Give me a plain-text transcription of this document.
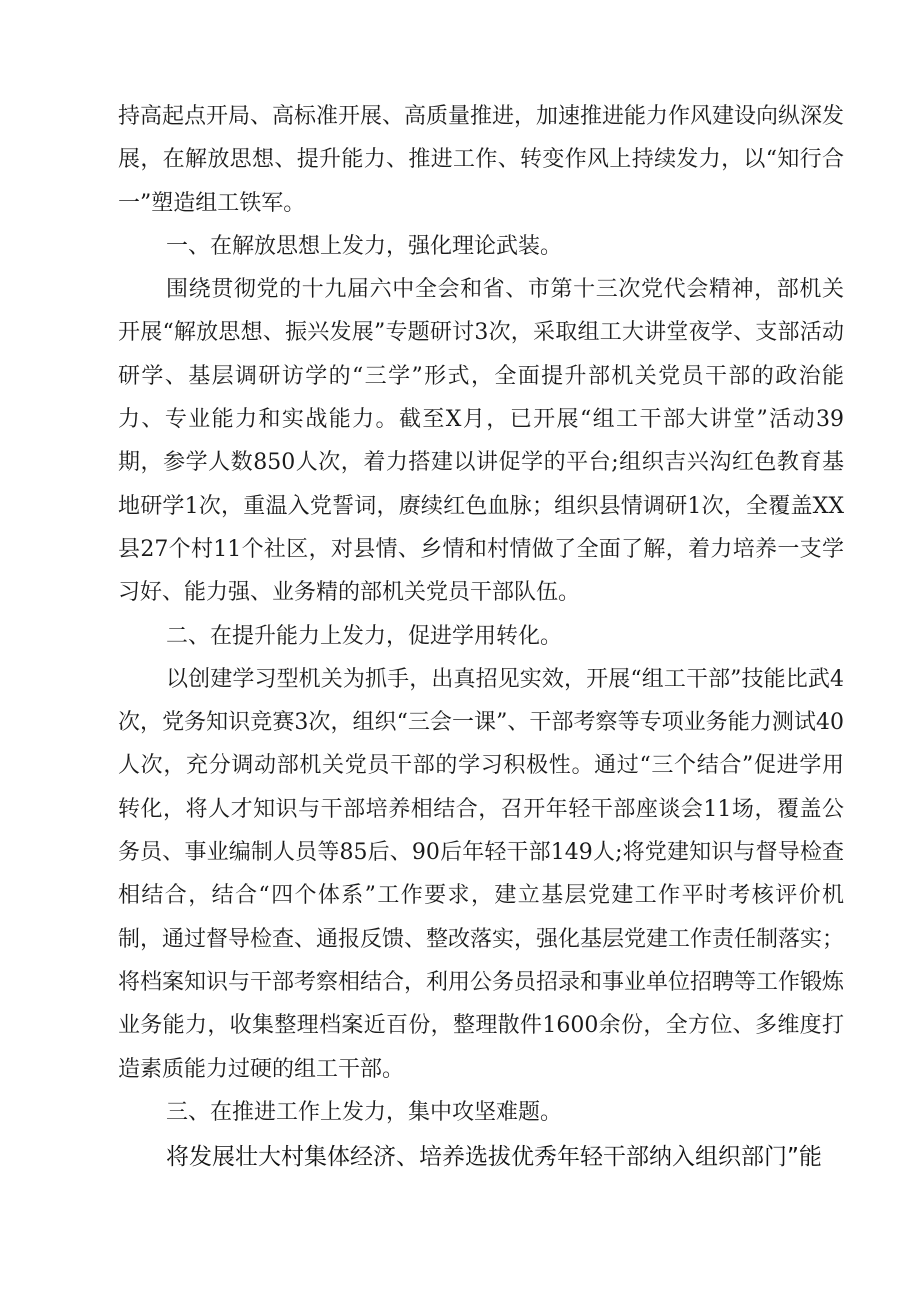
持高起点开局、高标准开展、高质量推进，加速推进能力作风建设向纵深发展，在解放思想、提升能力、推进工作、转变作风上持续发力，以“知行合一”塑造组工铁军。

一、在解放思想上发力，强化理论武装。

围绕贯彻党的十九届六中全会和省、市第十三次党代会精神，部机关开展“解放思想、振兴发展”专题研讨3次，采取组工大讲堂夜学、支部活动研学、基层调研访学的“三学”形式，全面提升部机关党员干部的政治能力、专业能力和实战能力。截至X月，已开展“组工干部大讲堂”活动39期，参学人数850人次，着力搭建以讲促学的平台;组织吉兴沟红色教育基地研学1次，重温入党誓词，赓续红色血脉；组织县情调研1次，全覆盖XX县27个村11个社区，对县情、乡情和村情做了全面了解，着力培养一支学习好、能力强、业务精的部机关党员干部队伍。

二、在提升能力上发力，促进学用转化。

以创建学习型机关为抓手，出真招见实效，开展“组工干部”技能比武4次，党务知识竞赛3次，组织“三会一课”、干部考察等专项业务能力测试40人次，充分调动部机关党员干部的学习积极性。通过“三个结合”促进学用转化，将人才知识与干部培养相结合，召开年轻干部座谈会11场，覆盖公务员、事业编制人员等85后、90后年轻干部149人;将党建知识与督导检查相结合，结合“四个体系”工作要求，建立基层党建工作平时考核评价机制，通过督导检查、通报反馈、整改落实，强化基层党建工作责任制落实；将档案知识与干部考察相结合，利用公务员招录和事业单位招聘等工作锻炼业务能力，收集整理档案近百份，整理散件1600余份，全方位、多维度打造素质能力过硬的组工干部。

三、在推进工作上发力，集中攻坚难题。

将发展壮大村集体经济、培养选拔优秀年轻干部纳入组织部门”能
